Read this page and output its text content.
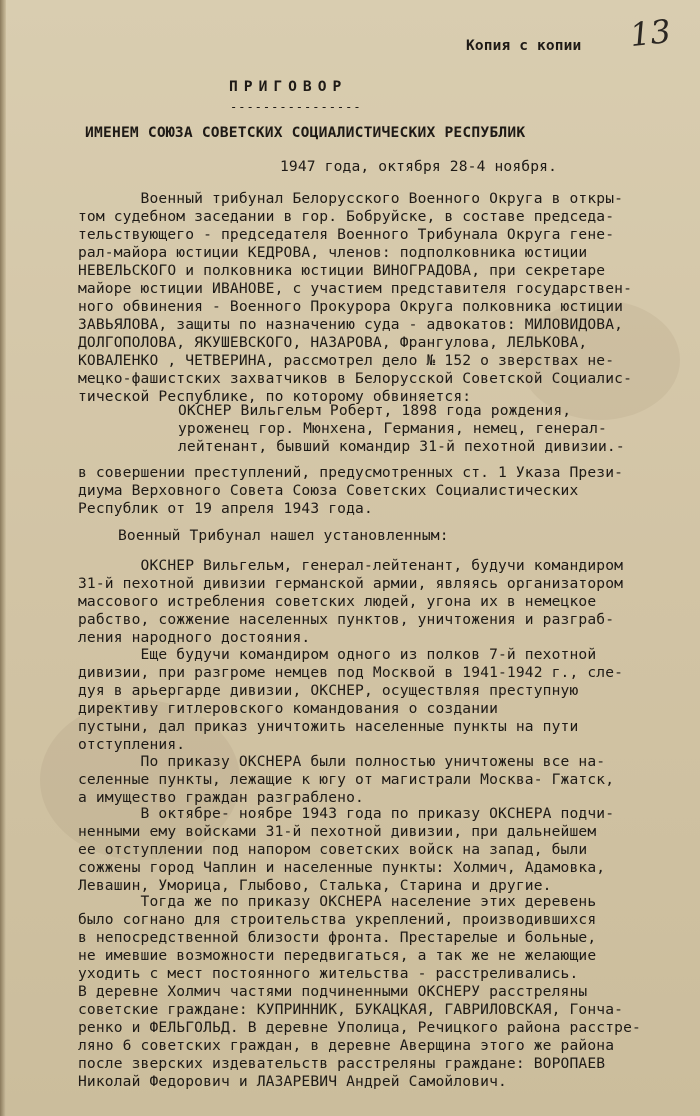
Копия с копии 13
ПРИГОВОР
----------------
ИМЕНЕМ СОЮЗА СОВЕТСКИХ СОЦИАЛИСТИЧЕСКИХ РЕСПУБЛИК
1947 года, октября 28-4 ноября.
Военный трибунал Белорусского Военного Округа в откры-
том судебном заседании в гор. Бобруйске, в составе председа-
тельствующего - председателя Военного Трибунала Округа гене-
рал-майора юстиции КЕДРОВА, членов: подполковника юстиции
НЕВЕЛЬСКОГО и полковника юстиции ВИНОГРАДОВА, при секретаре
майоре юстиции ИВАНОВЕ, с участием представителя государствен-
ного обвинения - Военного Прокурора Округа полковника юстиции
ЗАВЬЯЛОВА, защиты по назначению суда - адвокатов: МИЛОВИДОВА,
ДОЛГОПОЛОВА, ЯКУШЕВСКОГО, НАЗАРОВА, Франгулова, ЛЕЛЬКОВА,
КОВАЛЕНКО , ЧЕТВЕРИНА, рассмотрел дело № 152 о зверствах не-
мецко-фашистских захватчиков в Белорусской Советской Социалис-
тической Республике, по которому обвиняется:
ОКСНЕР Вильгельм Роберт, 1898 года рождения,
уроженец гор. Мюнхена, Германия, немец, генерал-
лейтенант, бывший командир 31-й пехотной дивизии.-
в совершении преступлений, предусмотренных ст. 1 Указа Прези-
диума Верховного Совета Союза Советских Социалистических
Республик от 19 апреля 1943 года.
Военный Трибунал нашел установленным:
ОКСНЕР Вильгельм, генерал-лейтенант, будучи командиром
31-й пехотной дивизии германской армии, являясь организатором
массового истребления советских людей, угона их в немецкое
рабство, сожжение населенных пунктов, уничтожения и разграб-
ления народного достояния.
Еще будучи командиром одного из полков 7-й пехотной
дивизии, при разгроме немцев под Москвой в 1941-1942 г., сле-
дуя в арьергарде дивизии, ОКСНЕР, осуществляя преступную
директиву гитлеровского командования о создании
пустыни, дал приказ уничтожить населенные пункты на пути
отступления.
По приказу ОКСНЕРА были полностью уничтожены все на-
селенные пункты, лежащие к югу от магистрали Москва- Гжатск,
а имущество граждан разграблено.
В октябре- ноябре 1943 года по приказу ОКСНЕРА подчи-
ненными ему войсками 31-й пехотной дивизии, при дальнейшем
ее отступлении под напором советских войск на запад, были
сожжены город Чаплин и населенные пункты: Холмич, Адамовка,
Левашин, Уморица, Глыбово, Сталька, Старина и другие.
Тогда же по приказу ОКСНЕРА население этих деревень
было согнано для строительства укреплений, производившихся
в непосредственной близости фронта. Престарелые и больные,
не имевшие возможности передвигаться, а так же не желающие
уходить с мест постоянного жительства - расстреливались.
В деревне Холмич частями подчиненными ОКСНЕРУ расстреляны
советские граждане: КУПРИННИК, БУКАЦКАЯ, ГАВРИЛОВСКАЯ, Гонча-
ренко и ФЕЛЬГОЛЬД. В деревне Уполица, Речицкого района расстре-
ляно 6 советских граждан, в деревне Аверщина этого же района
после зверских издевательств расстреляны граждане: ВОРОПАЕВ
Николай Федорович и ЛАЗАРЕВИЧ Андрей Самойлович.
